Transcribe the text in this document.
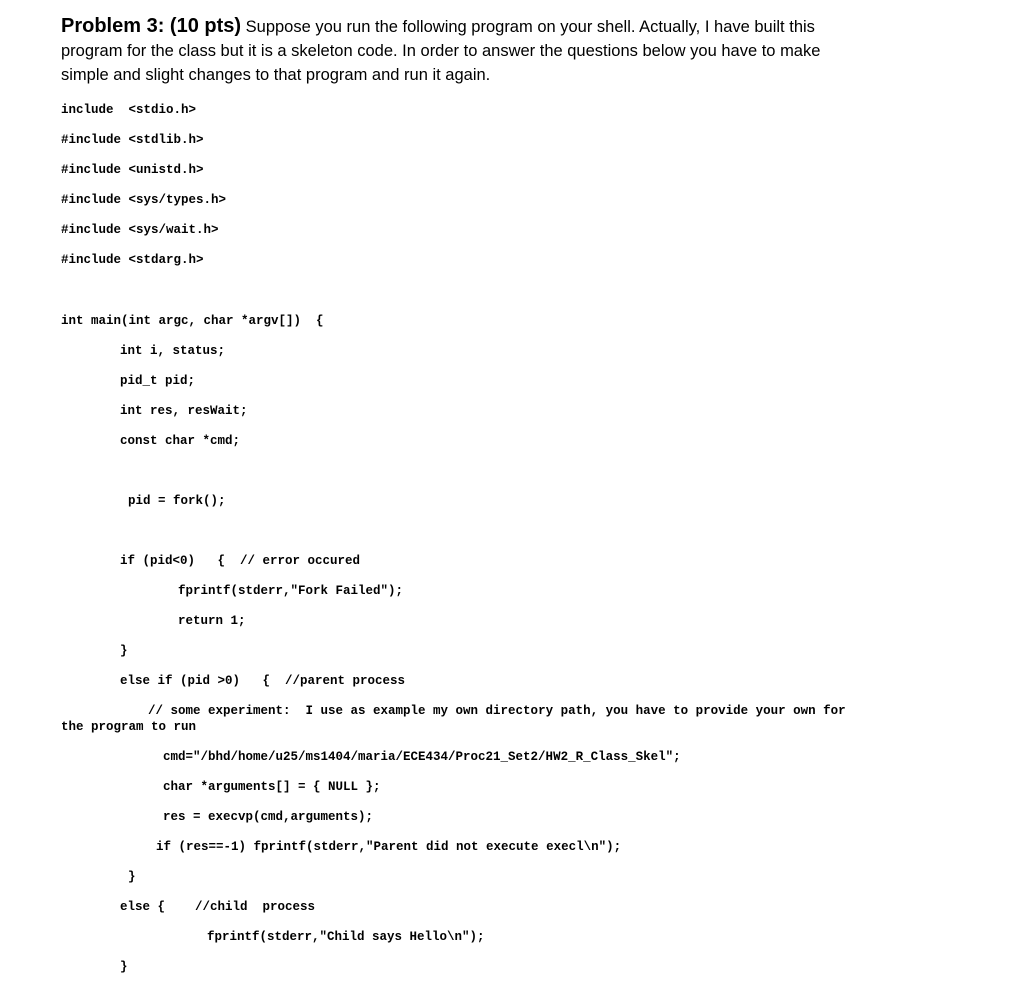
Problem 3: (10 pts) Suppose you run the following program on your shell. Actually, I have built this
program for the class but it is a skeleton code. In order to answer the questions below you have to make
simple and slight changes to that program and run it again.
include  <stdio.h>
#include <stdlib.h>
#include <unistd.h>
#include <sys/types.h>
#include <sys/wait.h>
#include <stdarg.h>
int main(int argc, char *argv[])  {
int i, status;
pid_t pid;
int res, resWait;
const char *cmd;
pid = fork();
if (pid<0)   {  // error occured
fprintf(stderr,"Fork Failed");
return 1;
}
else if (pid >0)   {  //parent process
// some experiment:  I use as example my own directory path, you have to provide your own for
the program to run
cmd="/bhd/home/u25/ms1404/maria/ECE434/Proc21_Set2/HW2_R_Class_Skel";
char *arguments[] = { NULL };
res = execvp(cmd,arguments);
if (res==-1) fprintf(stderr,"Parent did not execute execl\n");
}
else {    //child  process
fprintf(stderr,"Child says Hello\n");
}
